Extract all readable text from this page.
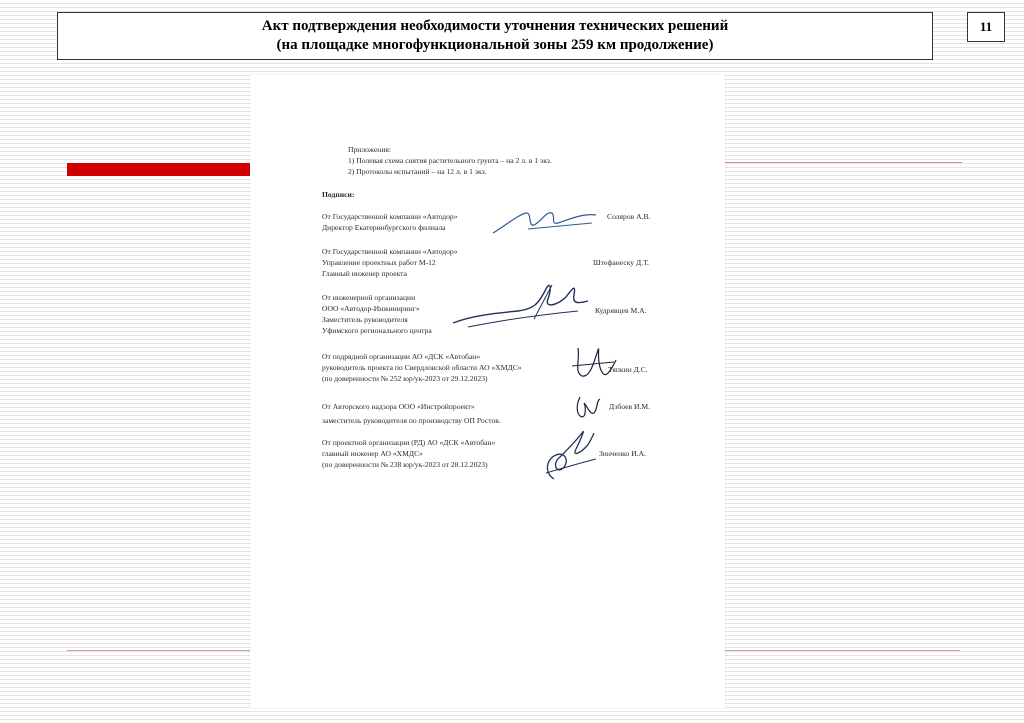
Акт подтверждения необходимости уточнения технических решений
(на площадке многофункциональной зоны 259 км продолжение)
11
Приложения:
1) Полевая схема снятия растительного грунта – на 2 л. в 1 экз.
2) Протоколы испытаний – на 12 л. в 1 экз.
Подписи:
От Государственной компании «Автодор»
Директор Екатеринбургского филиала
Соляров А.В.
От Государственной компании «Автодор»
Управление проектных работ М-12
Главный инженер проекта
Штефанеску Д.Т.
От инженерной организации
ООО «Автодор-Инжиниринг»
Заместитель руководителя
Уфимского регионального центра
Кудрявцев М.А.
От подрядной организации АО «ДСК «Автобан»
руководитель проекта по Свердловской области АО «ХМДС»
(по доверенности № 252 юр/ук-2023 от 29.12.2023)
Тяпкин Д.С.
От Авторского надзора ООО «Инстройпроект»
заместитель руководителя по производству ОП Ростов.
Дзбоев И.М.
От проектной организации (РД) АО «ДСК «Автобан»
главный инженер АО «ХМДС»
(по доверенности № 238 юр/ук-2023 от 28.12.2023)
Зинченко И.А.
